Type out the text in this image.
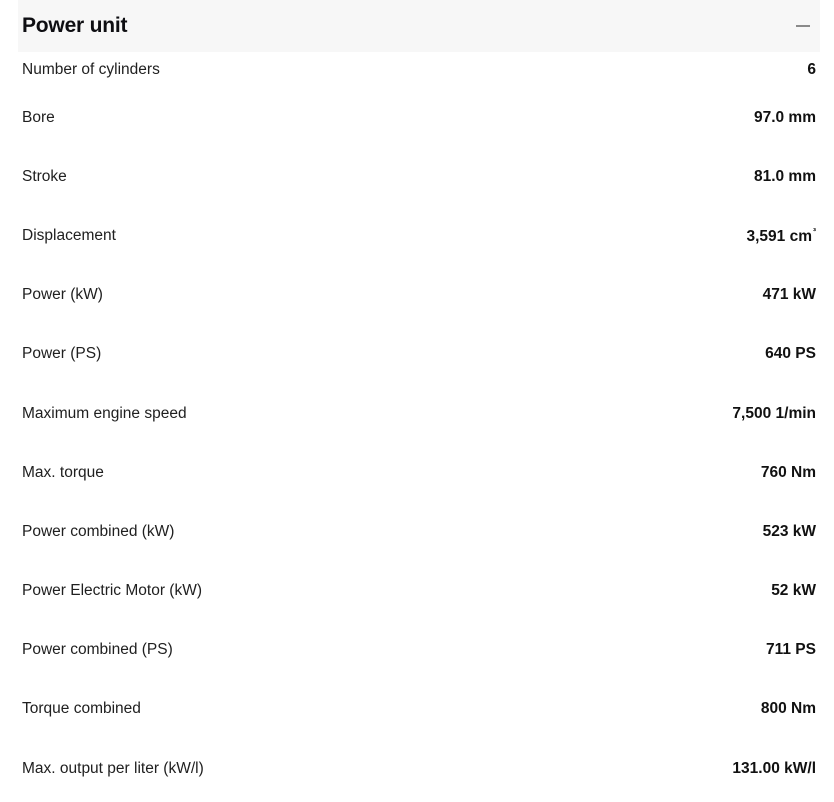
Power unit
Number of cylinders	6
Bore	97.0 mm
Stroke	81.0 mm
Displacement	3,591 $cm^{^3}$
Power (kW)	471 kW
Power (PS)	640 PS
Maximum engine speed	7,500 1/min
Max. torque	760 Nm
Power combined (kW)	523 kW
Power Electric Motor (kW)	52 kW
Power combined (PS)	711 PS
Torque combined	800 Nm
Max. output per liter (kW/l)	131.00 kW/l
